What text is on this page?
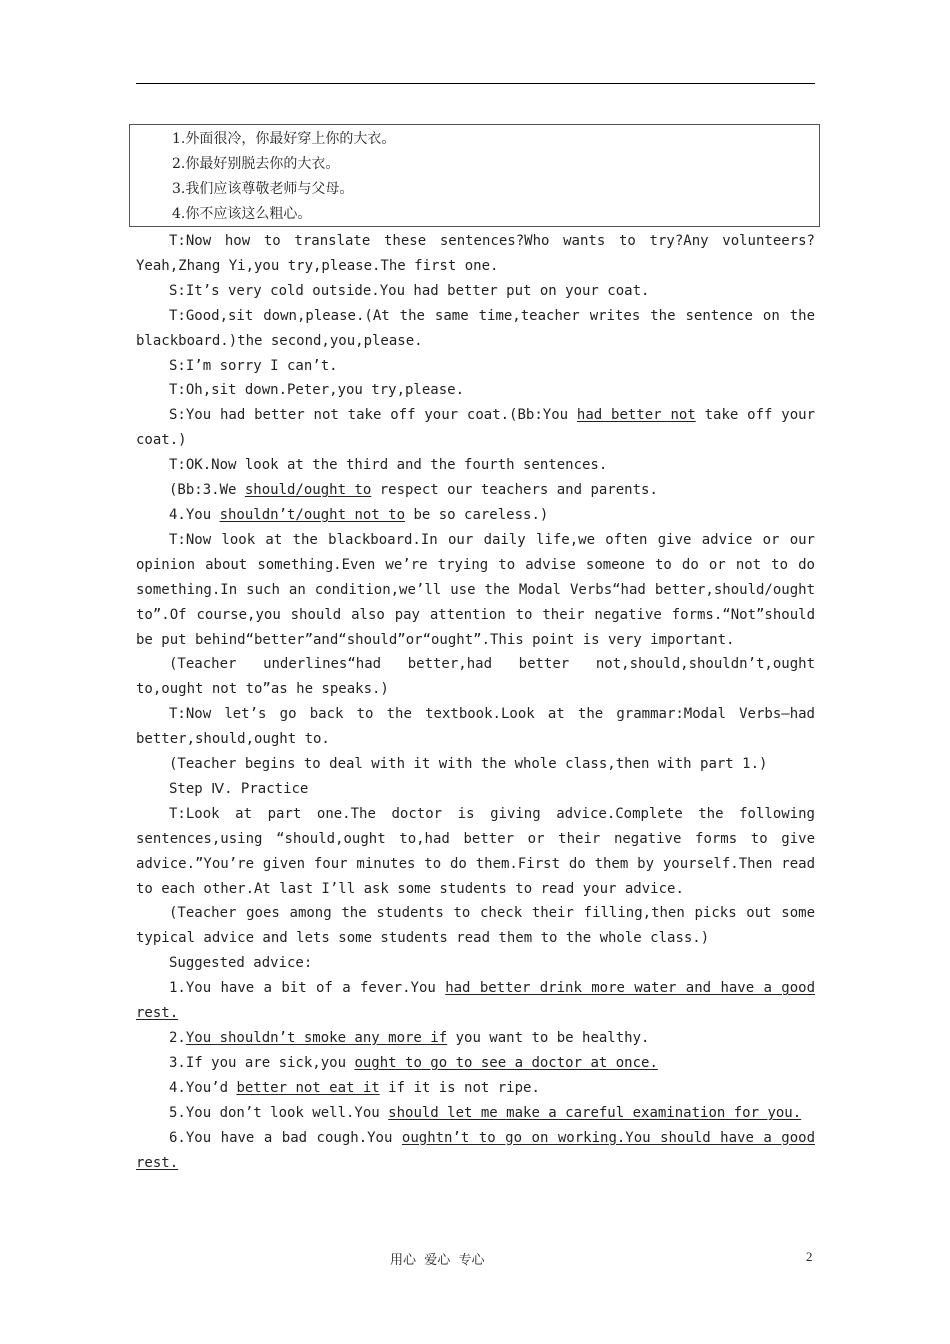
1.外面很冷，你最好穿上你的大衣。
2.你最好别脱去你的大衣。
3.我们应该尊敬老师与父母。
4.你不应该这么粗心。

T:Now how to translate these sentences?Who wants to try?Any volunteers? Yeah,Zhang Yi,you try,please.The first one.

S:It’s very cold outside.You had better put on your coat.

T:Good,sit down,please.(At the same time,teacher writes the sentence on the blackboard.)the second,you,please.

S:I’m sorry I can’t.

T:Oh,sit down.Peter,you try,please.

S:You had better not take off your coat.(Bb:You had better not take off your coat.)

T:OK.Now look at the third and the fourth sentences.

(Bb:3.We should/ought to respect our teachers and parents.

4.You shouldn’t/ought not to be so careless.)

T:Now look at the blackboard.In our daily life,we often give advice or our opinion about something.Even we’re trying to advise someone to do or not to do something.In such an condition,we’ll use the Modal Verbs“had better,should/ought to”.Of course,you should also pay attention to their negative forms.“Not”should be put behind“better”and“should”or“ought”.This point is very important.

(Teacher underlines“had better,had better not,should,shouldn’t,ought to,ought not to”as he speaks.)

T:Now let’s go back to the textbook.Look at the grammar:Modal Verbs—had better,should,ought to.

(Teacher begins to deal with it with the whole class,then with part 1.)

Step Ⅳ. Practice

T:Look at part one.The doctor is giving advice.Complete the following sentences,using “should,ought to,had better or their negative forms to give advice.”You’re given four minutes to do them.First do them by yourself.Then read to each other.At last I’ll ask some students to read your advice.

(Teacher goes among the students to check their filling,then picks out some typical advice and lets some students read them to the whole class.)

Suggested advice:

1.You have a bit of a fever.You had better drink more water and have a good rest.

2.You shouldn’t smoke any more if you want to be healthy.

3.If you are sick,you ought to go to see a doctor at once.

4.You’d better not eat it if it is not ripe.

5.You don’t look well.You should let me make a careful examination for you.

6.You have a bad cough.You oughtn’t to go on working.You should have a good rest.

用心  爱心  专心	2
